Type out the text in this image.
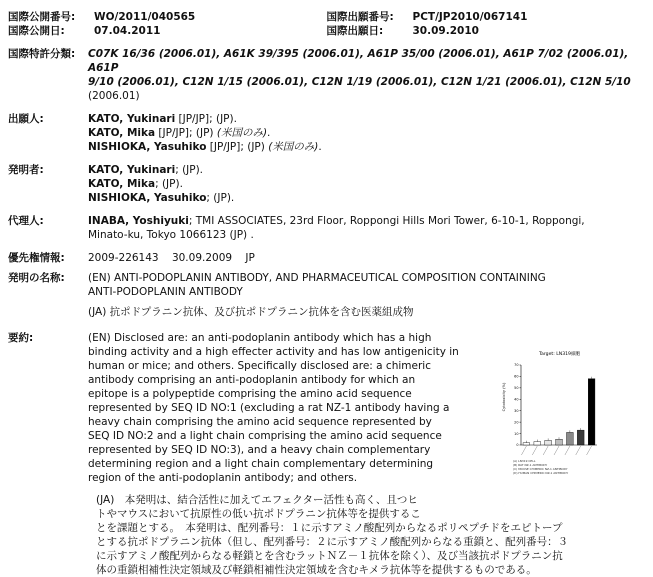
国際公開番号:	WO/2011/040565
国際公開日:	07.04.2011
国際出願番号:	PCT/JP2010/067141
国際出願日:	30.09.2010
国際特許分類:	C07K 16/36 (2006.01), A61K 39/395 (2006.01), A61P 35/00 (2006.01), A61P 7/02 (2006.01), A61P
9/10 (2006.01), C12N 1/15 (2006.01), C12N 1/19 (2006.01), C12N 1/21 (2006.01), C12N 5/10
(2006.01)
出願人:	KATO, Yukinari [JP/JP]; (JP).
KATO, Mika [JP/JP]; (JP) (米国のみ).
NISHIOKA, Yasuhiko [JP/JP]; (JP) (米国のみ).
発明者:	KATO, Yukinari; (JP).
KATO, Mika; (JP).
NISHIOKA, Yasuhiko; (JP).
代理人:	INABA, Yoshiyuki; TMI ASSOCIATES, 23rd Floor, Roppongi Hills Mori Tower, 6-10-1, Roppongi,
Minato-ku, Tokyo 1066123 (JP) .
優先権情報:	2009-226143    30.09.2009    JP
発明の名称:	(EN) ANTI-PODOPLANIN ANTIBODY, AND PHARMACEUTICAL COMPOSITION CONTAINING
ANTI-PODOPLANIN ANTIBODY
(JA) 抗ポドプラニン抗体、及び抗ポドプラニン抗体を含む医薬組成物
要約:	(EN) Disclosed are: an anti-podoplanin antibody which has a high
binding activity and a high effecter activity and has low antigenicity in
human or mice; and others. Specifically disclosed are: a chimeric
antibody comprising an anti-podoplanin antibody for which an
epitope is a polypeptide comprising the amino acid sequence
represented by SEQ ID NO:1 (excluding a rat NZ-1 antibody having a
heavy chain comprising the amino acid sequence represented by
SEQ ID NO:2 and a light chain comprising the amino acid sequence
represented by SEQ ID NO:3), and a heavy chain complementary
determining region and a light chain complementary determining
region of the anti-podoplanin antibody; and others.
Target: LN319細胞
Cytotoxicity (%)
0
10
20
30
40
50
60
70
(A) LN319 CELL
(B) RAT NZ-1 ANTIBODY
(C) MOUSE CHIMERIC NZ-1 ANTIBODY
(D) HUMAN CHIMERIC NZ-1 ANTIBODY
(JA)　本発明は、結合活性に加えてエフェクター活性も高く、且つヒ
トやマウスにおいて抗原性の低い抗ポドプラニン抗体等を提供するこ
とを課題とする。　本発明は、配列番号：１に示すアミノ酸配列からなるポリペプチドをエピトープ
とする抗ポドプラニン抗体（但し、配列番号：２に示すアミノ酸配列からなる重鎖と、配列番号：３
に示すアミノ酸配列からなる軽鎖とを含むラットＮＺ－１抗体を除く）、及び当該抗ポドプラニン抗
体の重鎖相補性決定領域及び軽鎖相補性決定領域を含むキメラ抗体等を提供するものである。
